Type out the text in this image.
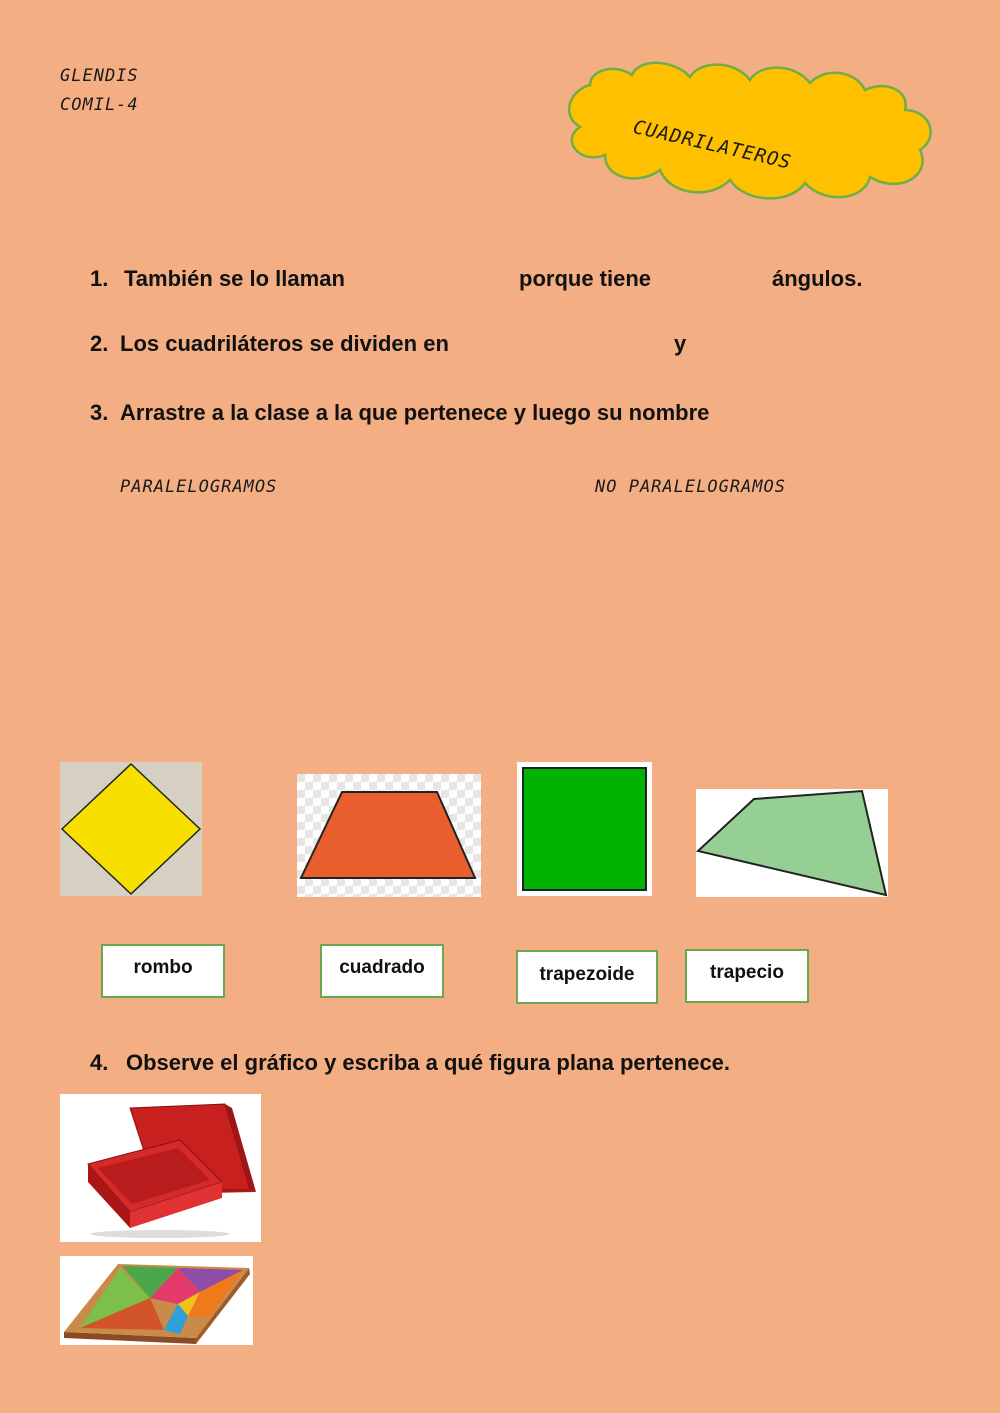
GLENDIS
COMIL-4
CUADRILATEROS
1. También se lo llaman	porque tiene	ángulos.
2. Los cuadriláteros se dividen en	y
3. Arrastre a la clase a la que pertenece y luego su nombre
PARALELOGRAMOS	NO PARALELOGRAMOS
rombo	cuadrado	trapezoide	trapecio
4. Observe el gráfico y escriba a qué figura plana pertenece.
